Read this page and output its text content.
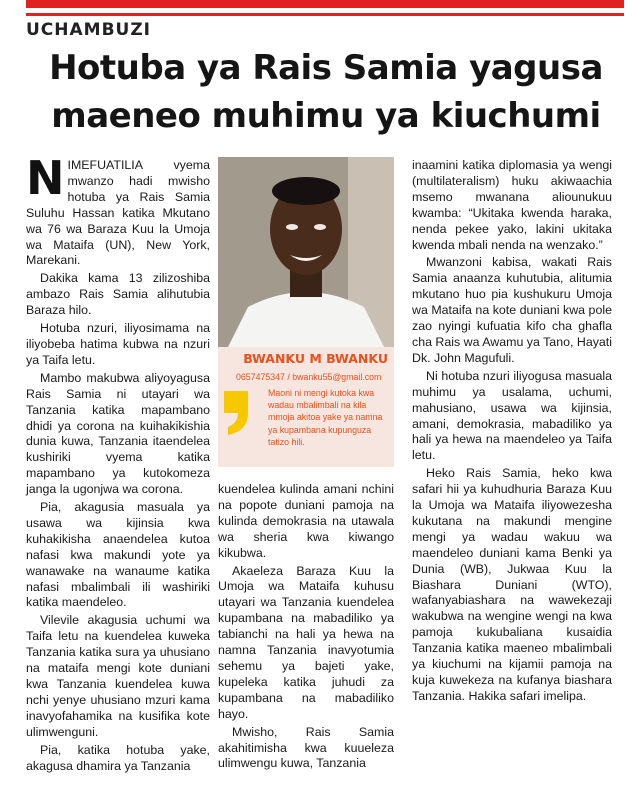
UCHAMBUZI
Hotuba ya Rais Samia yagusa maeneo muhimu ya kiuchumi

NIMEFUATILIA vyema mwanzo hadi mwisho hotuba ya Rais Samia Suluhu Hassan katika Mkutano wa 76 wa Baraza Kuu la Umoja wa Mataifa (UN), New York, Marekani.

Dakika kama 13 zilizoshiba ambazo Rais Samia alihutubia Baraza hilo.

Hotuba nzuri, iliyosimama na iliyobeba hatima kubwa na nzuri ya Taifa letu.

Mambo makubwa aliyoyagusa Rais Samia ni utayari wa Tanzania katika mapambano dhidi ya corona na kuihakikishia dunia kuwa, Tanzania itaendelea kushiriki vyema katika mapambano ya kutokomeza janga la ugonjwa wa corona.

Pia, akagusia masuala ya usawa wa kijinsia kwa kuhakikisha anaendelea kutoa nafasi kwa makundi yote ya wanawake na wanaume katika nafasi mbalimbali ili washiriki katika maendeleo.

Vilevile akagusia uchumi wa Taifa letu na kuendelea kuweka Tanzania katika sura ya uhusiano na mataifa mengi kote duniani kwa Tanzania kuendelea kuwa nchi yenye uhusiano mzuri kama inavyofahamika na kusifika kote ulimwenguni.

Pia, katika hotuba yake, akagusa dhamira ya Tanzania

BWANKU M BWANKU
0657475347 / bwanku55@gmail.com
Maoni ni mengi kutoka kwa wadau mbalimbali na kila mmoja akitoa yake ya namna ya kupambana kupunguza tatizo hili.

kuendelea kulinda amani nchini na popote duniani pamoja na kulinda demokrasia na utawala wa sheria kwa kiwango kikubwa.

Akaeleza Baraza Kuu la Umoja wa Mataifa kuhusu utayari wa Tanzania kuendelea kupambana na mabadiliko ya tabianchi na hali ya hewa na namna Tanzania inavyotumia sehemu ya bajeti yake, kupeleka katika juhudi za kupambana na mabadiliko hayo.

Mwisho, Rais Samia akahitimisha kwa kuueleza ulimwengu kuwa, Tanzania

inaamini katika diplomasia ya wengi (multilateralism) huku akiwaachia msemo mwanana aliounukuu kwamba: “Ukitaka kwenda haraka, nenda pekee yako, lakini ukitaka kwenda mbali nenda na wenzako.”

Mwanzoni kabisa, wakati Rais Samia anaanza kuhutubia, alitumia mkutano huo pia kushukuru Umoja wa Mataifa na kote duniani kwa pole zao nyingi kufuatia kifo cha ghafla cha Rais wa Awamu ya Tano, Hayati Dk. John Magufuli.

Ni hotuba nzuri iliyogusa masuala muhimu ya usalama, uchumi, mahusiano, usawa wa kijinsia, amani, demokrasia, mabadiliko ya hali ya hewa na maendeleo ya Taifa letu.

Heko Rais Samia, heko kwa safari hii ya kuhudhuria Baraza Kuu la Umoja wa Mataifa iliyowezesha kukutana na makundi mengine mengi ya wadau wakuu wa maendeleo duniani kama Benki ya Dunia (WB), Jukwaa Kuu la Biashara Duniani (WTO), wafanyabiashara na wawekezaji wakubwa na wengine wengi na kwa pamoja kukubaliana kusaidia Tanzania katika maeneo mbalimbali ya kiuchumi na kijamii pamoja na kuja kuwekeza na kufanya biashara Tanzania. Hakika safari imelipa.
